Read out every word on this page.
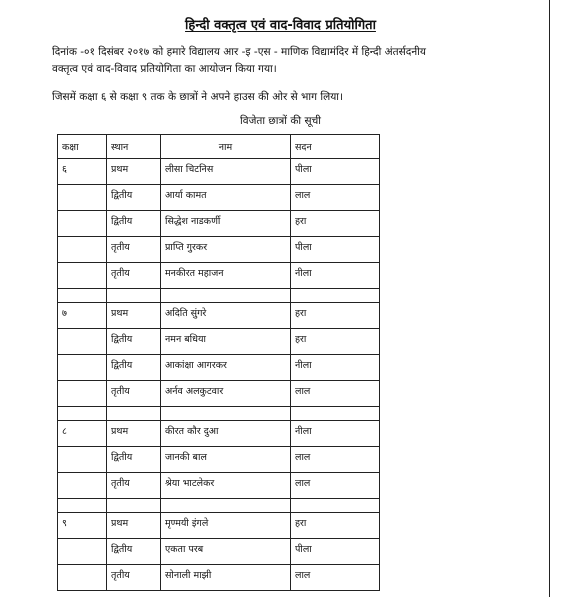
हिन्दी वक्तृत्व एवं वाद-विवाद प्रतियोगिता

दिनांक -०१ दिसंबर २०१७ को हमारे विद्यालय आर -इ -एस - माणिक विद्यामंदिर में हिन्दी अंतर्सदनीय
वक्तृत्व एवं वाद-विवाद प्रतियोगिता का आयोजन किया गया।

जिसमें कक्षा ६ से कक्षा ९ तक के छात्रों ने अपने हाउस की ओर से भाग लिया।

विजेता छात्रों की सूची

कक्षा	स्थान	नाम	सदन
६	प्रथम	लीसा चिटनिस	पीला
	द्वितीय	आर्या कामत	लाल
	द्वितीय	सिद्धेश नाडकर्णी	हरा
	तृतीय	प्राप्ति गुरकर	पीला
	तृतीय	मनकीरत महाजन	नीला

७	प्रथम	अदिति सुंगरे	हरा
	द्वितीय	नमन बधिया	हरा
	द्वितीय	आकांक्षा आगरकर	नीला
	तृतीय	अर्नव अलकुटवार	लाल

८	प्रथम	कीरत कौर दुआ	नीला
	द्वितीय	जानकी बाल	लाल
	तृतीय	श्रेया भाटलेकर	लाल

९	प्रथम	मृण्मयी इंगले	हरा
	द्वितीय	एकता परब	पीला
	तृतीय	सोनाली माझी	लाल
